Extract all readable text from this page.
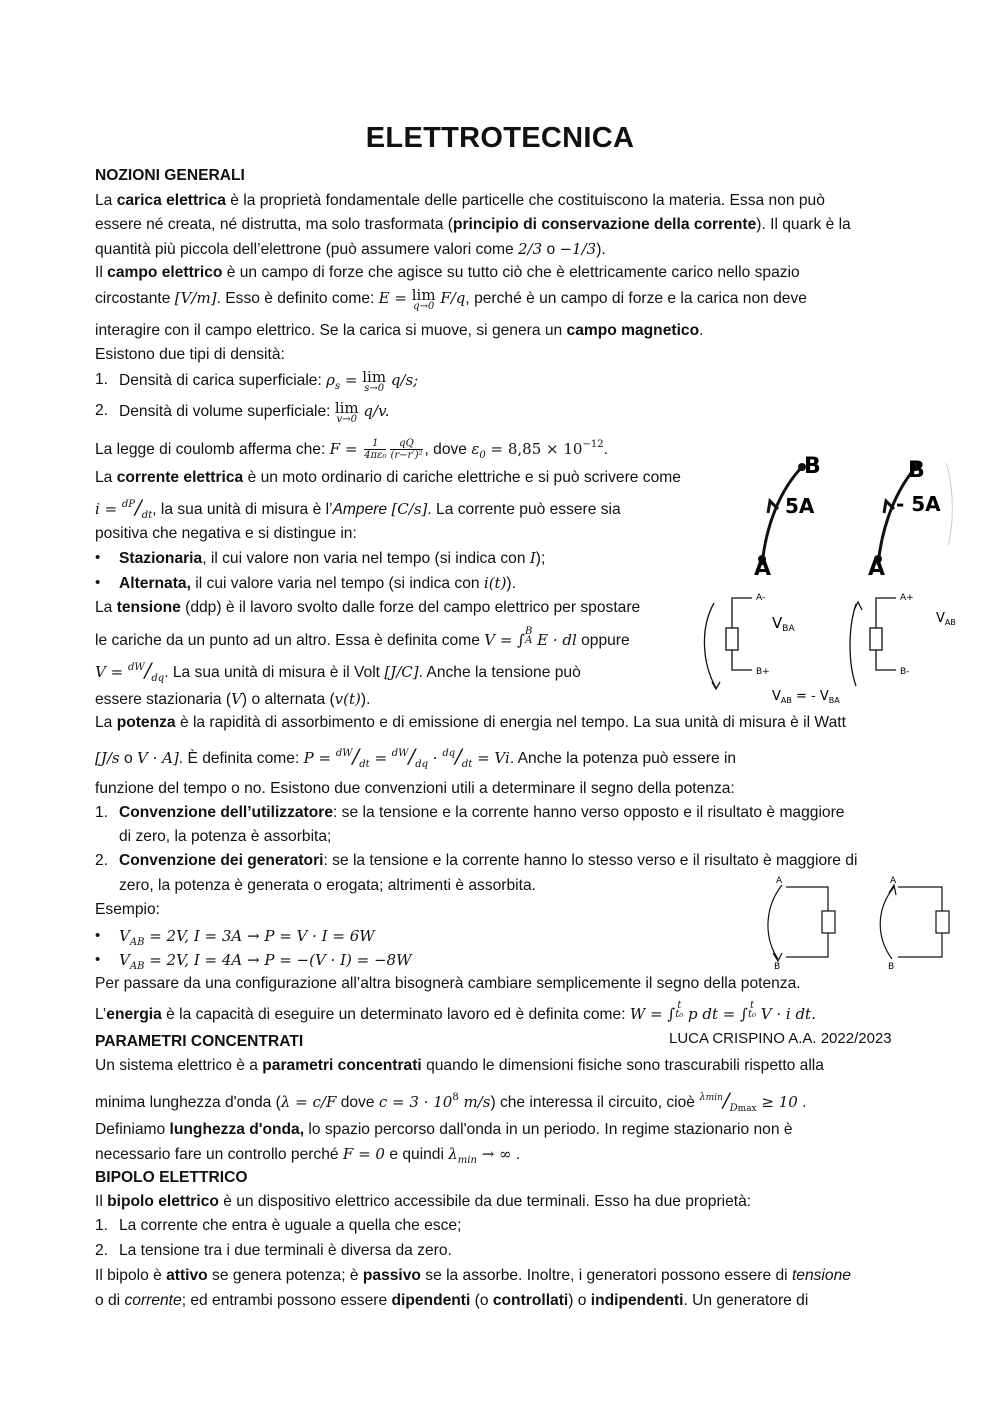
ELETTROTECNICA
NOZIONI GENERALI
La carica elettrica è la proprietà fondamentale delle particelle che costituiscono la materia. Essa non può
essere né creata, né distrutta, ma solo trasformata (principio di conservazione della corrente). Il quark è la
quantità più piccola dell’elettrone (può assumere valori come 2/3 o −1/3).
Il campo elettrico è un campo di forze che agisce su tutto ciò che è elettricamente carico nello spazio
circostante [V/m]. Esso è definito come: E = lim
q→0 F/q, perché è un campo di forze e la carica non deve
interagire con il campo elettrico. Se la carica si muove, si genera un campo magnetico.
Esistono due tipi di densità:
1. Densità di carica superficiale: $\rho_s = \lim$
s→0 q/s;
2. Densità di volume superficiale: lim
v→0 q/v.
La legge di coulomb afferma che: $F = \frac{1}{\text{4πε₀}} \frac{qQ}{\text{(r−r′)²}}$ , dove $\varepsilon_0 = 8,85 \times 10^{-12}$.
La corrente elettrica è un moto ordinario di cariche elettriche e si può scrivere come
$i = ^{dP}/_{dt}$, la sua unità di misura è l’Ampere [C/s]. La corrente può essere sia
positiva che negativa e si distingue in:
• Stazionaria, il cui valore non varia nel tempo (si indica con I);
• Alternata, il cui valore varia nel tempo (si indica con i(t)).
La tensione (ddp) è il lavoro svolto dalle forze del campo elettrico per spostare
le cariche da un punto ad un altro. Essa è definita come V = ∫ B
A E · dl oppure
$V = ^{dW}/_{dq}$. La sua unità di misura è il Volt [J/C]. Anche la tensione può
essere stazionaria (V) o alternata (v(t)).
La potenza è la rapidità di assorbimento e di emissione di energia nel tempo. La sua unità di misura è il Watt
[J/s o V · A]. È definita come: $P = ^{dW}/_{dt} = ^{dW}/_{dq} \cdot ^{dq}/_{dt} = Vi$. Anche la potenza può essere in
funzione del tempo o no. Esistono due convenzioni utili a determinare il segno della potenza:
1. Convenzione dell’utilizzatore: se la tensione e la corrente hanno verso opposto e il risultato è maggiore
di zero, la potenza è assorbita;
2. Convenzione dei generatori: se la tensione e la corrente hanno lo stesso verso e il risultato è maggiore di
zero, la potenza è generata o erogata; altrimenti è assorbita.
Esempio:
• $V_{AB} = 2V$, I = 3A → P = V · I = 6W
• $V_{AB} = 2V$, I = 4A → P = −(V · I) = −8W
Per passare da una configurazione all’altra bisognerà cambiare semplicemente il segno della potenza.
L’energia è la capacità di eseguire un determinato lavoro ed è definita come: W = ∫ t
t₀ p dt = ∫ t
t₀ V · i dt.
PARAMETRI CONCENTRATI
Un sistema elettrico è a parametri concentrati quando le dimensioni fisiche sono trascurabili rispetto alla
minima lunghezza d'onda (λ = c/F dove $c = 3 \cdot 10^8$ m/s) che interessa il circuito, cioè $^{\lambda min}/_{Dmax} \ge 10$ .
Definiamo lunghezza d'onda, lo spazio percorso dall'onda in un periodo. In regime stazionario non è
necessario fare un controllo perché F = 0 e quindi $\lambda_{min}$ → ∞ .
BIPOLO ELETTRICO
Il bipolo elettrico è un dispositivo elettrico accessibile da due terminali. Esso ha due proprietà:
1. La corrente che entra è uguale a quella che esce;
2. La tensione tra i due terminali è diversa da zero.
Il bipolo è attivo se genera potenza; è passivo se la assorbe. Inoltre, i generatori possono essere di tensione
o di corrente; ed entrambi possono essere dipendenti (o controllati) o indipendenti. Un generatore di
LUCA CRISPINO A.A. 2022/2023
B
A
5A
B
A
- 5A
A-
B+
$V_{BA}$
A+
B-
$V_{AB}$
$V_{AB}$ = - $V_{BA}$
A
B
A
B
